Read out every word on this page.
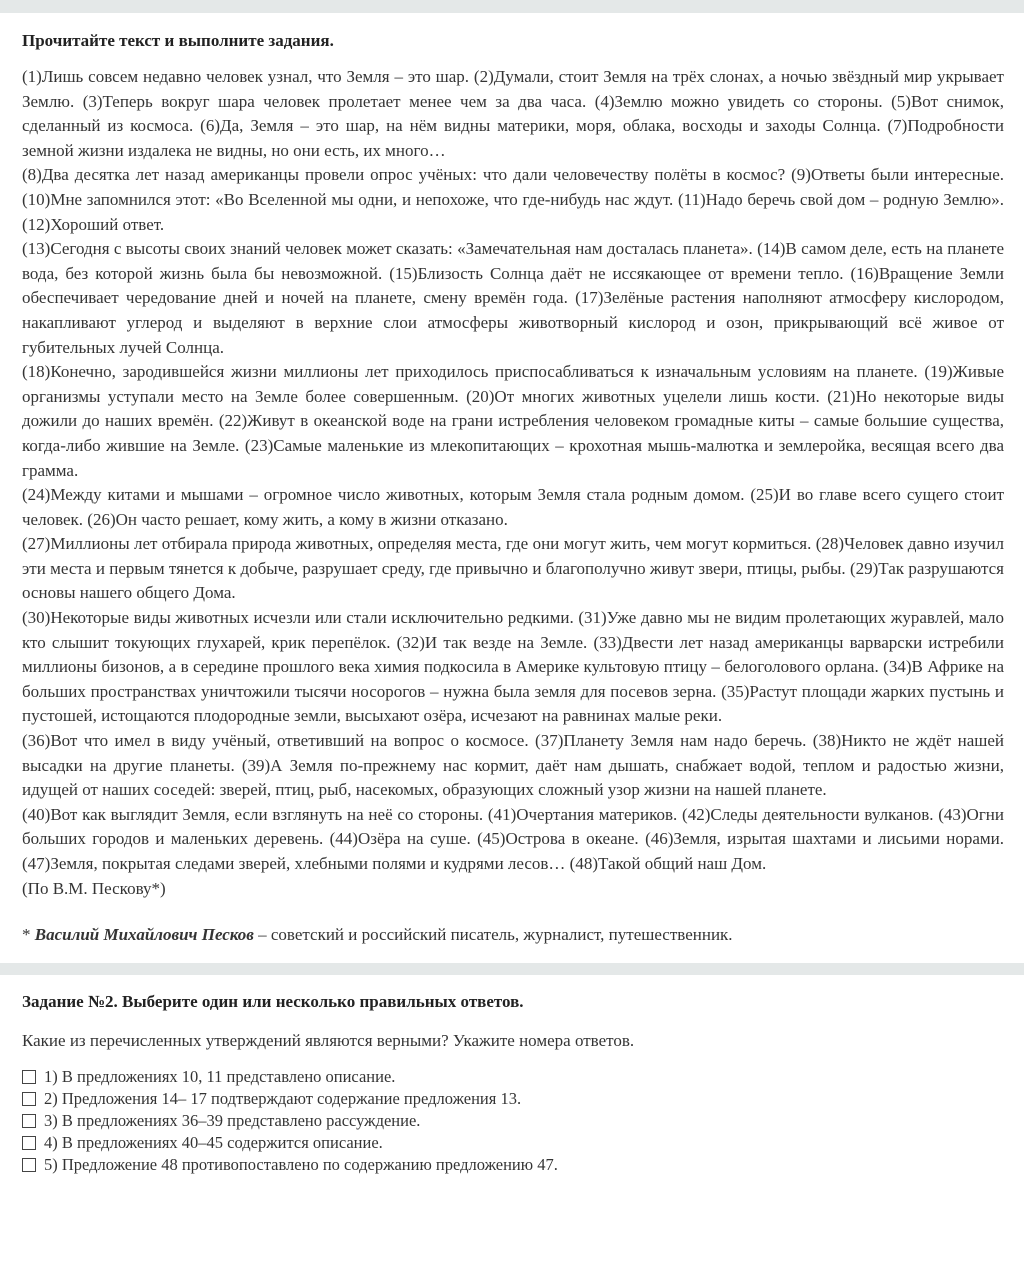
Прочитайте текст и выполните задания.

(1)Лишь совсем недавно человек узнал, что Земля – это шар. (2)Думали, стоит Земля на трёх слонах, а ночью звёздный мир укрывает Землю. (3)Теперь вокруг шара человек пролетает менее чем за два часа. (4)Землю можно увидеть со стороны. (5)Вот снимок, сделанный из космоса. (6)Да, Земля – это шар, на нём видны материки, моря, облака, восходы и заходы Солнца. (7)Подробности земной жизни издалека не видны, но они есть, их много…

(8)Два десятка лет назад американцы провели опрос учёных: что дали человечеству полёты в космос? (9)Ответы были интересные. (10)Мне запомнился этот: «Во Вселенной мы одни, и непохоже, что где-нибудь нас ждут. (11)Надо беречь свой дом – родную Землю». (12)Хороший ответ.

(13)Сегодня с высоты своих знаний человек может сказать: «Замечательная нам досталась планета». (14)В самом деле, есть на планете вода, без которой жизнь была бы невозможной. (15)Близость Солнца даёт не иссякающее от времени тепло. (16)Вращение Земли обеспечивает чередование дней и ночей на планете, смену времён года. (17)Зелёные растения наполняют атмосферу кислородом, накапливают углерод и выделяют в верхние слои атмосферы животворный кислород и озон, прикрывающий всё живое от губительных лучей Солнца.

(18)Конечно, зародившейся жизни миллионы лет приходилось приспосабливаться к изначальным условиям на планете. (19)Живые организмы уступали место на Земле более совершенным. (20)От многих животных уцелели лишь кости. (21)Но некоторые виды дожили до наших времён. (22)Живут в океанской воде на грани истребления человеком громадные киты – самые большие существа, когда-либо жившие на Земле. (23)Самые маленькие из млекопитающих – крохотная мышь-малютка и землеройка, весящая всего два грамма.

(24)Между китами и мышами – огромное число животных, которым Земля стала родным домом. (25)И во главе всего сущего стоит человек. (26)Он часто решает, кому жить, а кому в жизни отказано.

(27)Миллионы лет отбирала природа животных, определяя места, где они могут жить, чем могут кормиться. (28)Человек давно изучил эти места и первым тянется к добыче, разрушает среду, где привычно и благополучно живут звери, птицы, рыбы. (29)Так разрушаются основы нашего общего Дома.

(30)Некоторые виды животных исчезли или стали исключительно редкими. (31)Уже давно мы не видим пролетающих журавлей, мало кто слышит токующих глухарей, крик перепёлок. (32)И так везде на Земле. (33)Двести лет назад американцы варварски истребили миллионы бизонов, а в середине прошлого века химия подкосила в Америке культовую птицу – белоголового орлана. (34)В Африке на больших пространствах уничтожили тысячи носорогов – нужна была земля для посевов зерна. (35)Растут площади жарких пустынь и пустошей, истощаются плодородные земли, высыхают озёра, исчезают на равнинах малые реки.

(36)Вот что имел в виду учёный, ответивший на вопрос о космосе. (37)Планету Земля нам надо беречь. (38)Никто не ждёт нашей высадки на другие планеты. (39)А Земля по-прежнему нас кормит, даёт нам дышать, снабжает водой, теплом и радостью жизни, идущей от наших соседей: зверей, птиц, рыб, насекомых, образующих сложный узор жизни на нашей планете.

(40)Вот как выглядит Земля, если взглянуть на неё со стороны. (41)Очертания материков. (42)Следы деятельности вулканов. (43)Огни больших городов и маленьких деревень. (44)Озёра на суше. (45)Острова в океане. (46)Земля, изрытая шахтами и лисьими норами. (47)Земля, покрытая следами зверей, хлебными полями и кудрями лесов… (48)Такой общий наш Дом.

(По В.М. Пескову*)

* Василий Михайлович Песков – советский и российский писатель, журналист, путешественник.

Задание №2. Выберите один или несколько правильных ответов.

Какие из перечисленных утверждений являются верными? Укажите номера ответов.

1) В предложениях 10, 11 представлено описание.
2) Предложения 14– 17 подтверждают содержание предложения 13.
3) В предложениях 36–39 представлено рассуждение.
4) В предложениях 40–45 содержится описание.
5) Предложение 48 противопоставлено по содержанию предложению 47.
